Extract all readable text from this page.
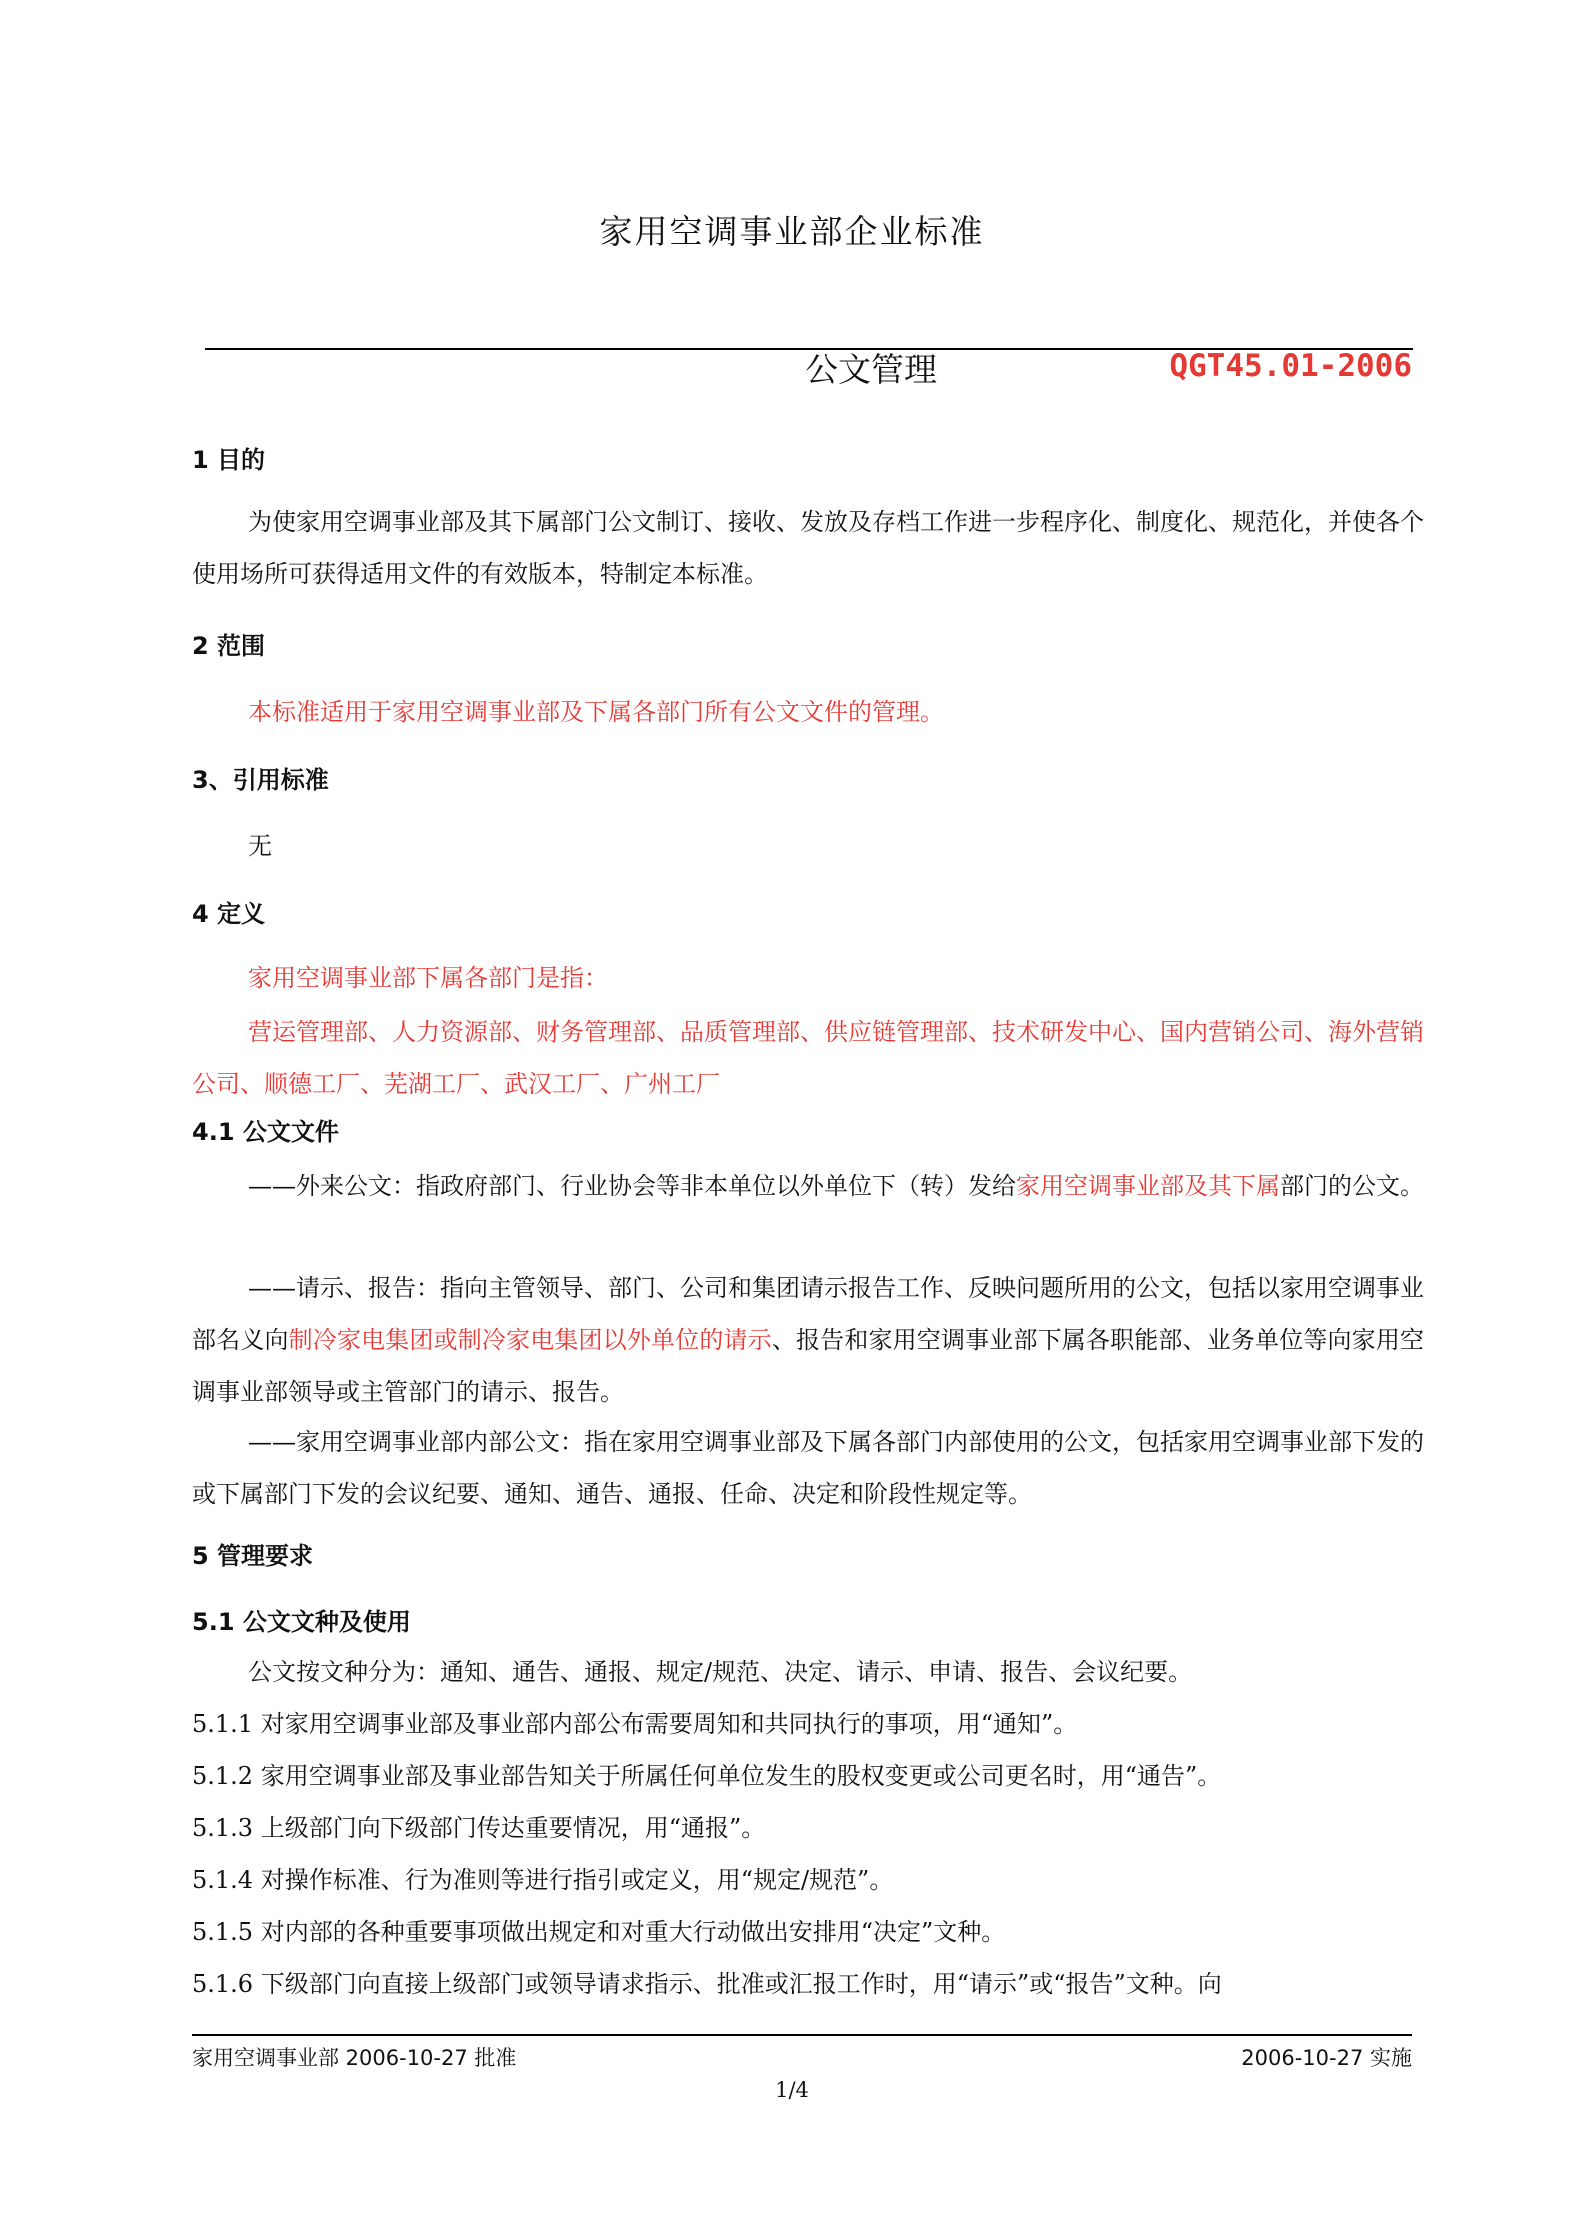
家用空调事业部企业标准
公文管理	QGT45.01-2006
1 目的

为使家用空调事业部及其下属部门公文制订、接收、发放及存档工作进一步程序化、制度化、规范化，并使各个使用场所可获得适用文件的有效版本，特制定本标准。

2 范围
本标准适用于家用空调事业部及下属各部门所有公文文件的管理。
3、引用标准
无
4 定义
家用空调事业部下属各部门是指：

营运管理部、人力资源部、财务管理部、品质管理部、供应链管理部、技术研发中心、国内营销公司、海外营销公司、顺德工厂、芜湖工厂、武汉工厂、广州工厂

4.1 公文文件

——外来公文：指政府部门、行业协会等非本单位以外单位下（转）发给家用空调事业部及其下属部门的公文。

——请示、报告：指向主管领导、部门、公司和集团请示报告工作、反映问题所用的公文，包括以家用空调事业部名义向制冷家电集团或制冷家电集团以外单位的请示、报告和家用空调事业部下属各职能部、业务单位等向家用空调事业部领导或主管部门的请示、报告。

——家用空调事业部内部公文：指在家用空调事业部及下属各部门内部使用的公文，包括家用空调事业部下发的或下属部门下发的会议纪要、通知、通告、通报、任命、决定和阶段性规定等。

5 管理要求
5.1 公文文种及使用
公文按文种分为：通知、通告、通报、规定/规范、决定、请示、申请、报告、会议纪要。
5.1.1 对家用空调事业部及事业部内部公布需要周知和共同执行的事项，用“通知”。
5.1.2 家用空调事业部及事业部告知关于所属任何单位发生的股权变更或公司更名时，用“通告”。
5.1.3 上级部门向下级部门传达重要情况，用“通报”。
5.1.4 对操作标准、行为准则等进行指引或定义，用“规定/规范”。
5.1.5 对内部的各种重要事项做出规定和对重大行动做出安排用“决定”文种。
5.1.6 下级部门向直接上级部门或领导请求指示、批准或汇报工作时，用“请示”或“报告”文种。向
家用空调事业部 2006-10-27 批准	2006-10-27 实施
1/4
